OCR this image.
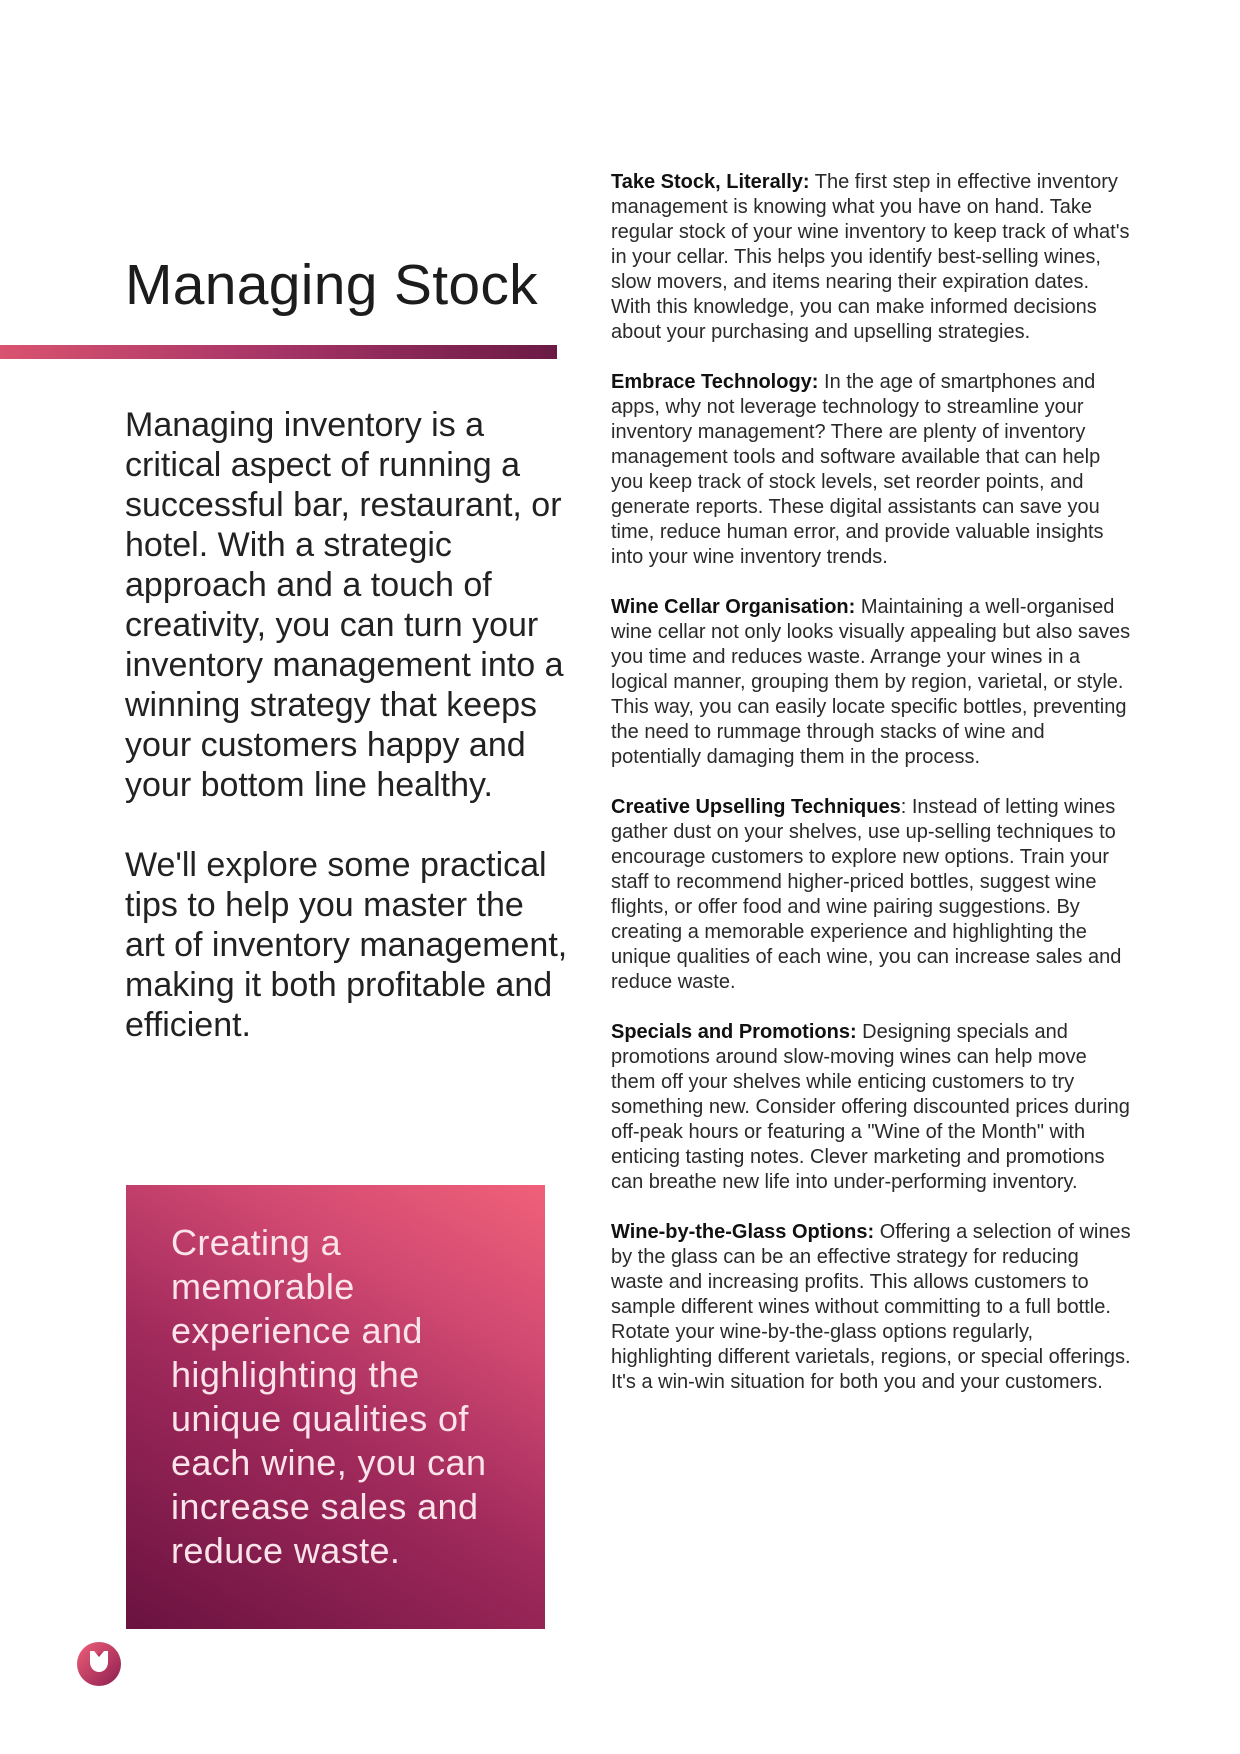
Managing Stock

Managing inventory is a critical aspect of running a successful bar, restaurant, or hotel. With a strategic approach and a touch of creativity, you can turn your inventory management into a winning strategy that keeps your customers happy and your bottom line healthy.

We'll explore some practical tips to help you master the art of inventory management, making it both profitable and efficient.

Creating a memorable experience and highlighting the unique qualities of each wine, you can increase sales and reduce waste.

Take Stock, Literally: The first step in effective inventory management is knowing what you have on hand. Take regular stock of your wine inventory to keep track of what's in your cellar. This helps you identify best-selling wines, slow movers, and items nearing their expiration dates. With this knowledge, you can make informed decisions about your purchasing and upselling strategies.

Embrace Technology: In the age of smartphones and apps, why not leverage technology to streamline your inventory management? There are plenty of inventory management tools and software available that can help you keep track of stock levels, set reorder points, and generate reports. These digital assistants can save you time, reduce human error, and provide valuable insights into your wine inventory trends.

Wine Cellar Organisation: Maintaining a well-organised wine cellar not only looks visually appealing but also saves you time and reduces waste. Arrange your wines in a logical manner, grouping them by region, varietal, or style. This way, you can easily locate specific bottles, preventing the need to rummage through stacks of wine and potentially damaging them in the process.

Creative Upselling Techniques: Instead of letting wines gather dust on your shelves, use up-selling techniques to encourage customers to explore new options. Train your staff to recommend higher-priced bottles, suggest wine flights, or offer food and wine pairing suggestions. By creating a memorable experience and highlighting the unique qualities of each wine, you can increase sales and reduce waste.

Specials and Promotions: Designing specials and promotions around slow-moving wines can help move them off your shelves while enticing customers to try something new. Consider offering discounted prices during off-peak hours or featuring a "Wine of the Month" with enticing tasting notes. Clever marketing and promotions can breathe new life into under-performing inventory.

Wine-by-the-Glass Options: Offering a selection of wines by the glass can be an effective strategy for reducing waste and increasing profits. This allows customers to sample different wines without committing to a full bottle. Rotate your wine-by-the-glass options regularly, highlighting different varietals, regions, or special offerings. It's a win-win situation for both you and your customers.
